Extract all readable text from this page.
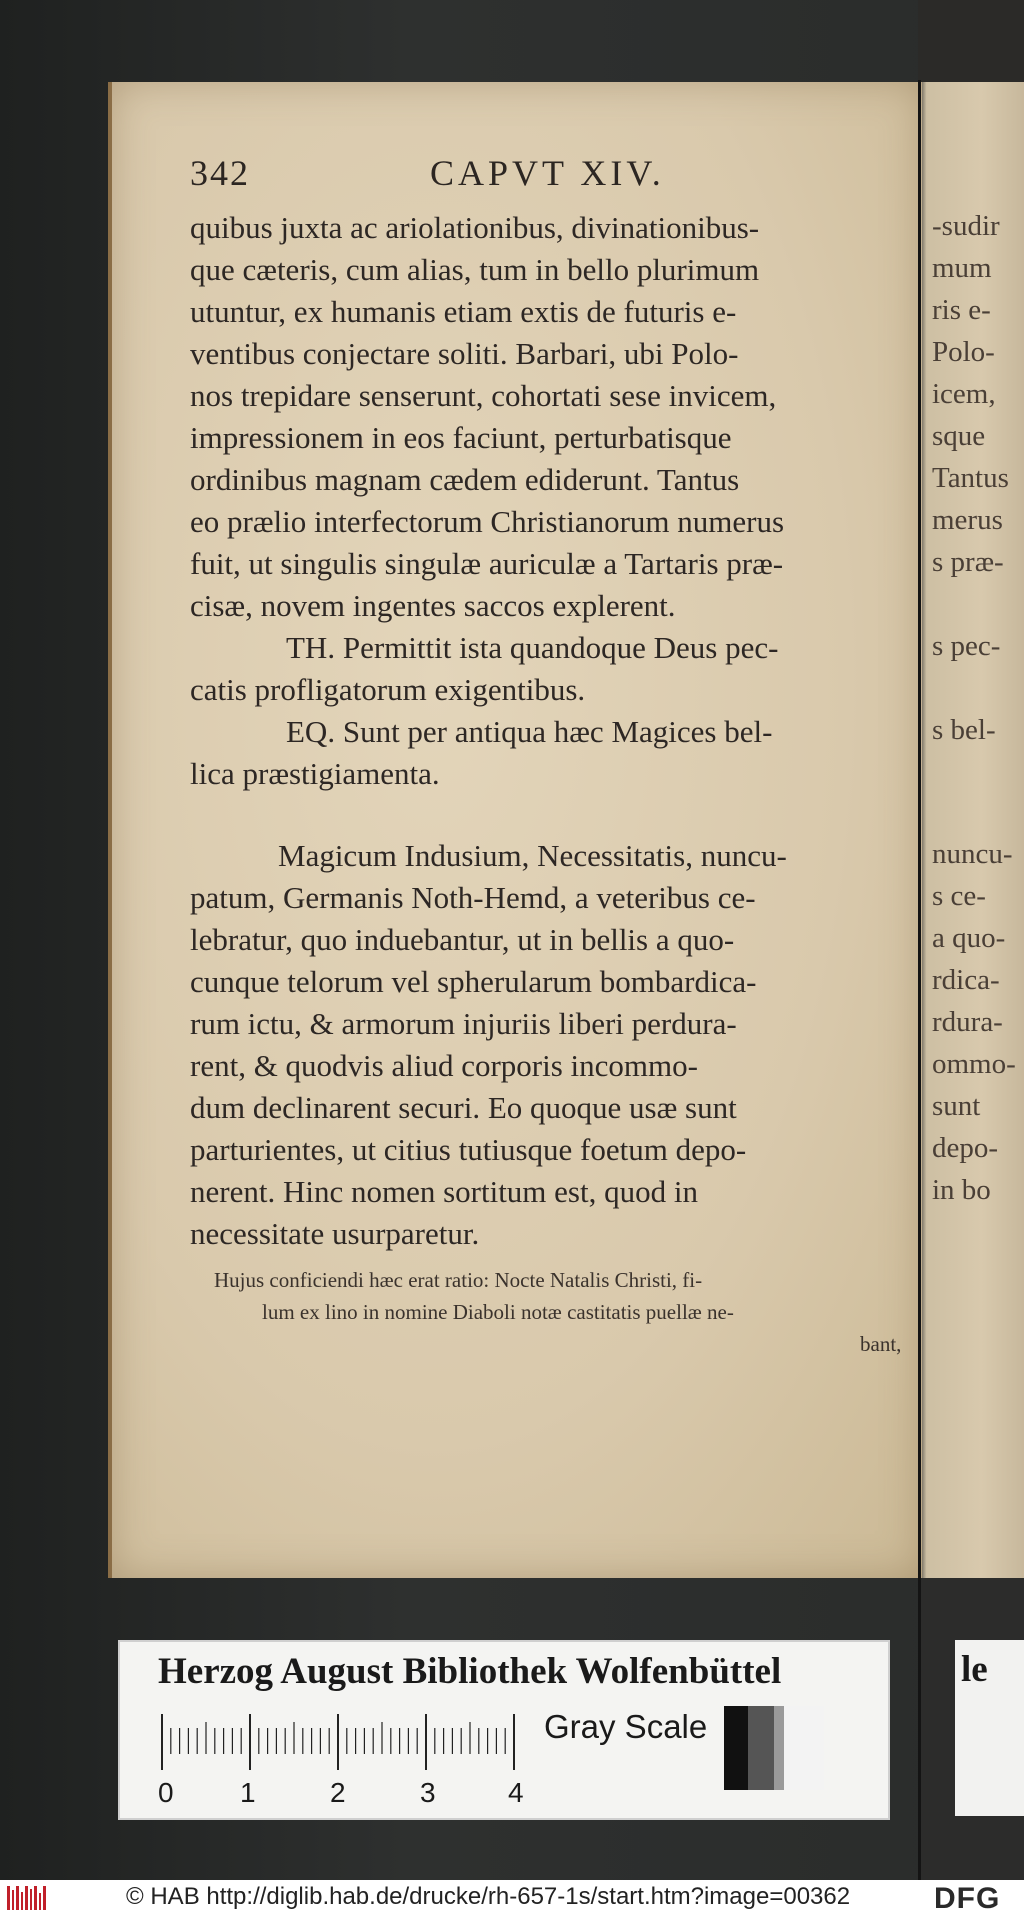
-sudir
mum
ris e-
Polo-
icem,
sque
Tantus
merus
s præ-
s pec-
s bel-
nuncu-
s ce-
a quo-
rdica-
rdura-
ommo-
sunt
depo-
in bo
342	CAPVT XIV.
quibus juxta ac ariolationibus, divinationibus-
que cæteris, cum alias, tum in bello plurimum
utuntur, ex humanis etiam extis de futuris e-
ventibus conjectare soliti. Barbari, ubi Polo-
nos trepidare senserunt, cohortati sese invicem,
impressionem in eos faciunt, perturbatisque
ordinibus magnam cædem ediderunt. Tantus
eo prælio interfectorum Christianorum numerus
fuit, ut singulis singulæ auriculæ a Tartaris præ-
cisæ, novem ingentes saccos explerent.
TH. Permittit ista quandoque Deus pec-
catis profligatorum exigentibus.
EQ. Sunt per antiqua hæc Magices bel-
lica præstigiamenta.
Magicum Indusium, Necessitatis, nuncu-
patum, Germanis Noth-Hemd, a veteribus ce-
lebratur, quo induebantur, ut in bellis a quo-
cunque telorum vel spherularum bombardica-
rum ictu, & armorum injuriis liberi perdura-
rent, & quodvis aliud corporis incommo-
dum declinarent securi. Eo quoque usæ sunt
parturientes, ut citius tutiusque foetum depo-
nerent. Hinc nomen sortitum est, quod in
necessitate usurparetur.
Hujus conficiendi hæc erat ratio: Nocte Natalis Christi, fi-
lum ex lino in nomine Diaboli notæ castitatis puellæ ne-
bant,
Herzog August Bibliothek Wolfenbüttel
0 1	2	3	4
Gray Scale
le
© HAB http://diglib.hab.de/drucke/rh-657-1s/start.htm?image=00362	DFG
